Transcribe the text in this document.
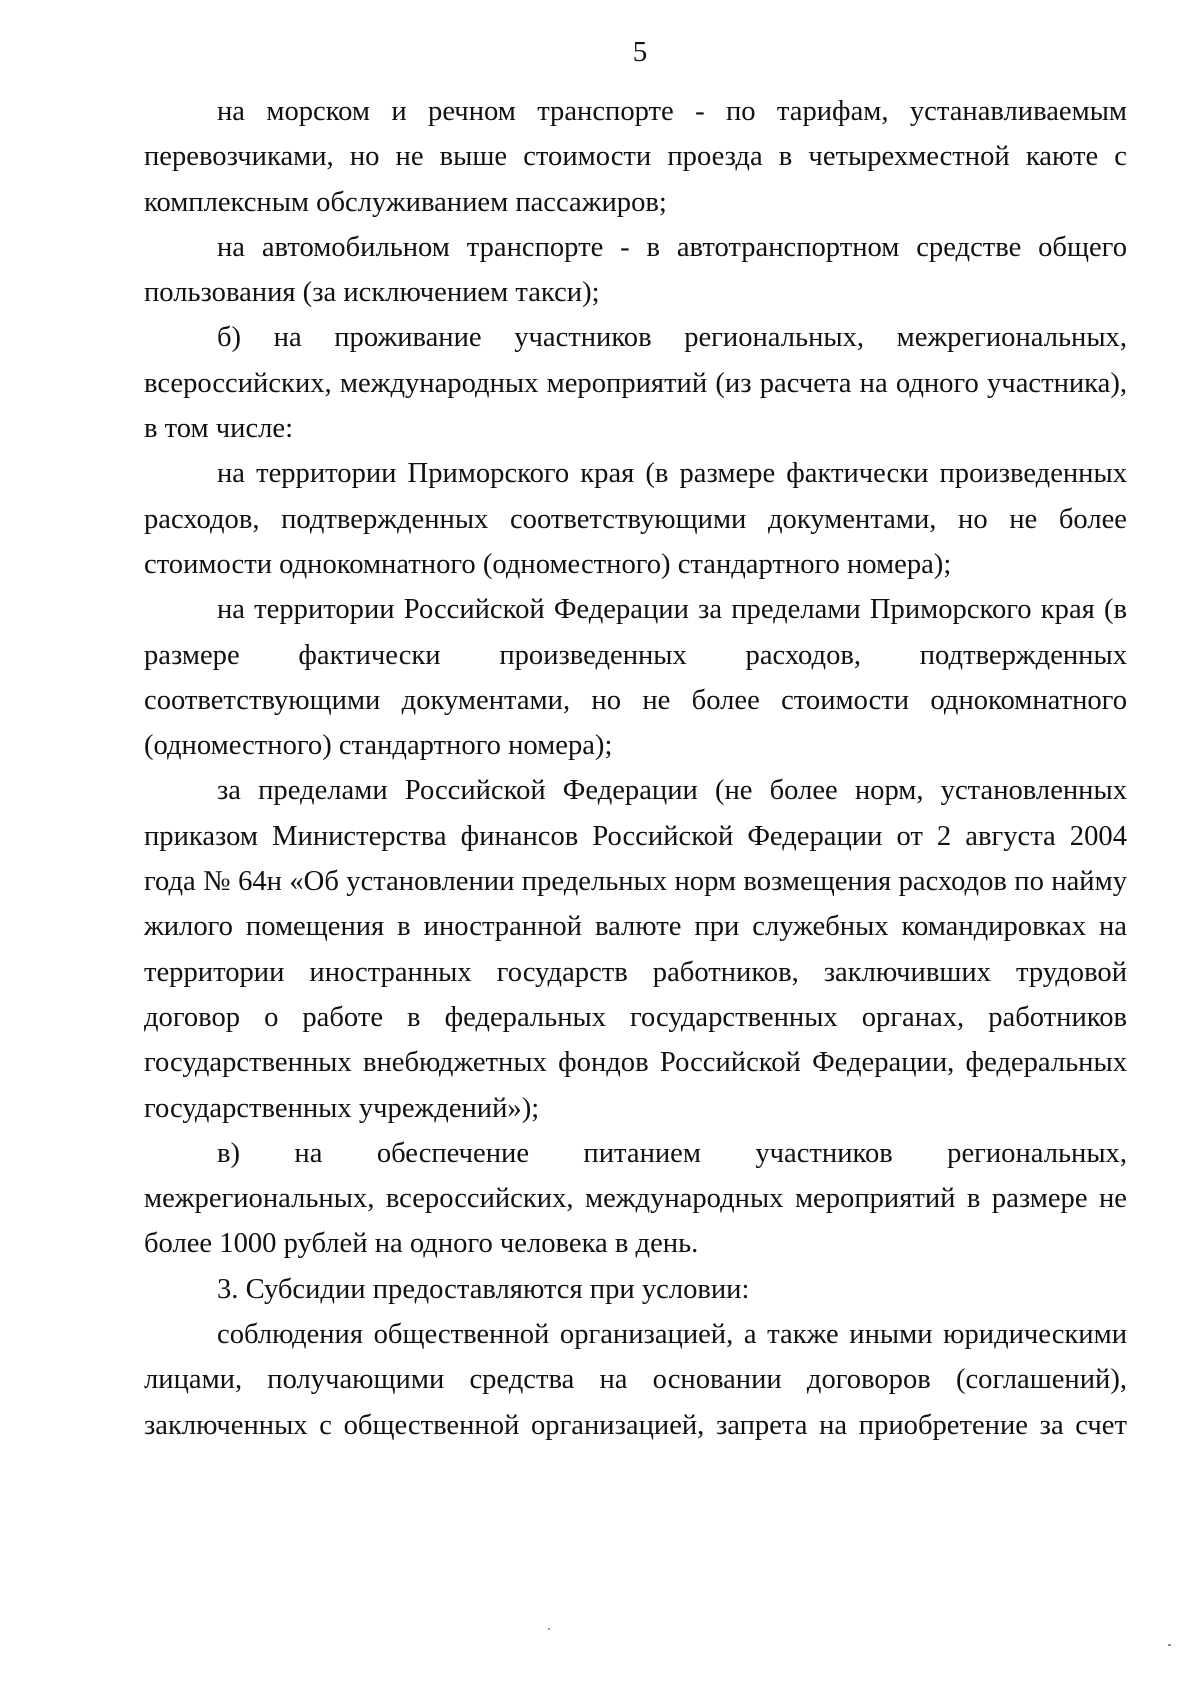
5

на морском и речном транспорте - по тарифам, устанавливаемым перевозчиками, но не выше стоимости проезда в четырехместной каюте с комплексным обслуживанием пассажиров;

на автомобильном транспорте - в автотранспортном средстве общего пользования (за исключением такси);

б) на проживание участников региональных, межрегиональных, всероссийских, международных мероприятий (из расчета на одного участника), в том числе:

на территории Приморского края (в размере фактически произведенных расходов, подтвержденных соответствующими документами, но не более стоимости однокомнатного (одноместного) стандартного номера);

на территории Российской Федерации за пределами Приморского края (в размере фактически произведенных расходов, подтвержденных соответствующими документами, но не более стоимости однокомнатного (одноместного) стандартного номера);

за пределами Российской Федерации (не более норм, установленных приказом Министерства финансов Российской Федерации от 2 августа 2004 года № 64н «Об установлении предельных норм возмещения расходов по найму жилого помещения в иностранной валюте при служебных командировках на территории иностранных государств работников, заключивших трудовой договор о работе в федеральных государственных органах, работников государственных внебюджетных фондов Российской Федерации, федеральных государственных учреждений»);

в) на обеспечение питанием участников региональных, межрегиональных, всероссийских, международных мероприятий в размере не более 1000 рублей на одного человека в день.

3. Субсидии предоставляются при условии:

соблюдения общественной организацией, а также иными юридическими лицами, получающими средства на основании договоров (соглашений), заключенных с общественной организацией, запрета на приобретение за счет
